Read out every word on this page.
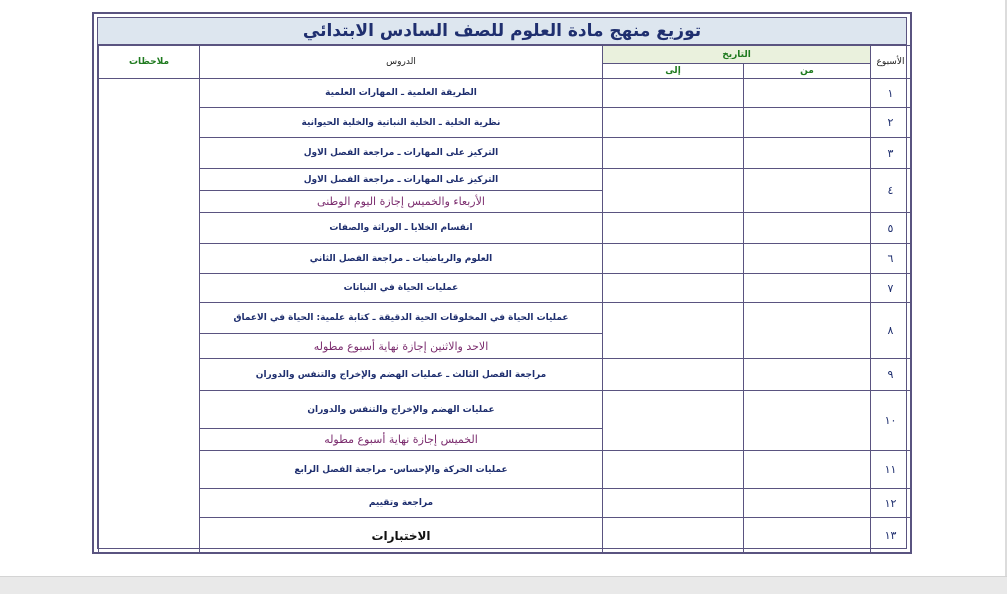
توزيع منهج مادة العلوم للصف السادس الابتدائي
ملاحظات	الدروس	التاريخ		الأسبوع
		إلى	من	
	الطريقة العلمية ـ المهارات العلمية			١
	نظرية الخلية ـ الخلية النباتية والخلية الحيوانية			٢
	التركيز على المهارات ـ مراجعة الفصل الاول			٣
	التركيز على المهارات ـ مراجعة الفصل الاول			٤
	الأربعاء والخميس إجازة اليوم الوطنى			
	انقسام الخلايا ـ الوراثة والصفات			٥
	العلوم والرياضيات ـ مراجعة الفصل الثاني			٦
	عمليات الحياة في النباتات			٧
	عمليات الحياة في المخلوقات الحية الدقيقة ـ كتابة علمية: الحياة في الاعماق			٨
	الاحد والاثنين إجازة نهاية أسبوع مطوله			
	مراجعة الفصل الثالث ـ عمليات الهضم والإخراج والتنفس والدوران			٩
	عمليات الهضم والإخراج والتنفس والدوران			١٠
	الخميس إجازة نهاية أسبوع مطوله			
	عمليات الحركة والإحساس- مراجعة الفصل الرابع			١١
	مراجعة وتقييم			١٢
	الاختبارات			١٣
